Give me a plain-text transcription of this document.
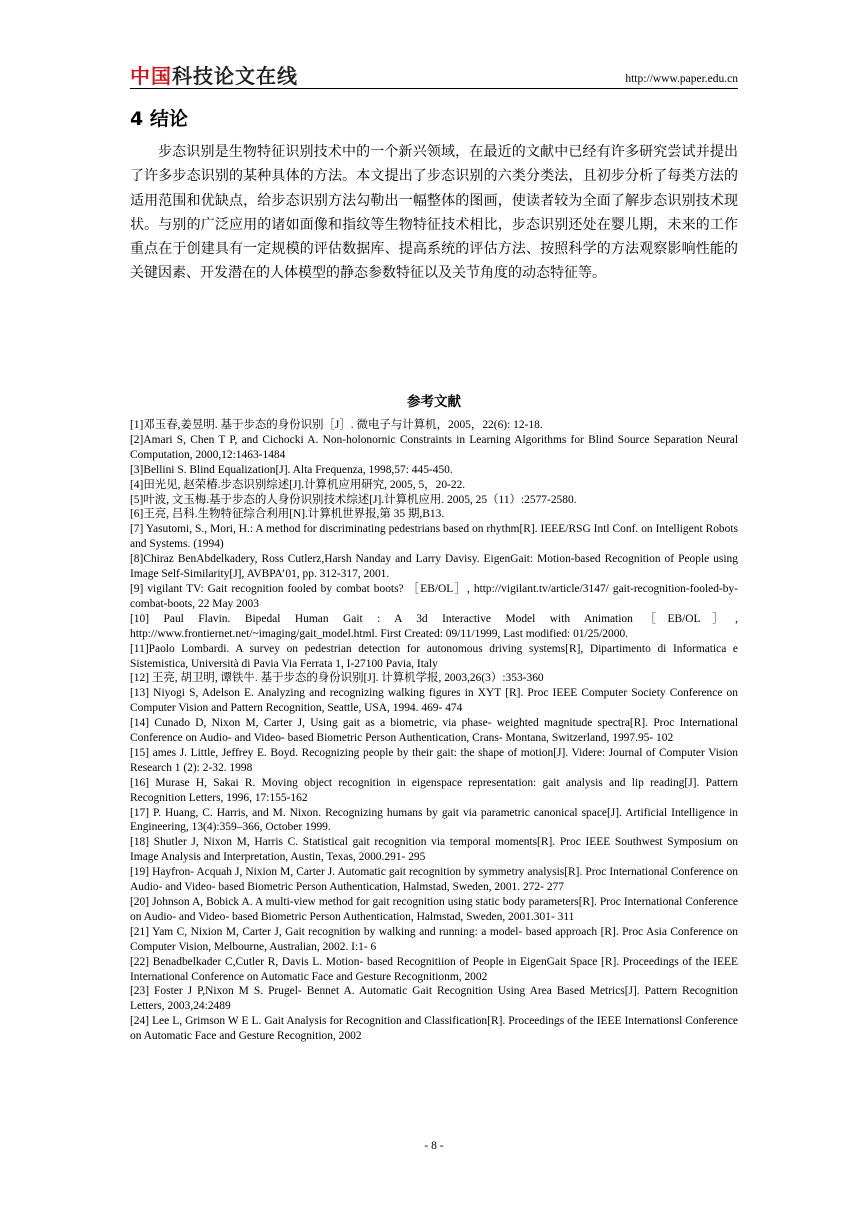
中国科技论文在线	http://www.paper.edu.cn
4 结论

步态识别是生物特征识别技术中的一个新兴领域，在最近的文献中已经有许多研究尝试并提出了许多步态识别的某种具体的方法。本文提出了步态识别的六类分类法，且初步分析了每类方法的适用范围和优缺点，给步态识别方法勾勒出一幅整体的图画，使读者较为全面了解步态识别技术现状。与别的广泛应用的诸如面像和指纹等生物特征技术相比，步态识别还处在婴儿期，未来的工作重点在于创建具有一定规模的评估数据库、提高系统的评估方法、按照科学的方法观察影响性能的关键因素、开发潜在的人体模型的静态参数特征以及关节角度的动态特征等。

参考文献
[1]邓玉春,姜昱明. 基于步态的身份识别［J］. 微电子与计算机，2005，22(6): 12-18.
[2]Amari S, Chen T P, and Cichocki A. Non-holonornic Constraints in Learning Algorithms for Blind Source Separation Neural Computation, 2000,12:1463-1484
[3]Bellini S. Blind Equalization[J]. Alta Frequenza, 1998,57: 445-450.
[4]田光见, 赵荣椿.步态识别综述[J].计算机应用研究, 2005, 5，20-22.
[5]叶波, 文玉梅.基于步态的人身份识别技术综述[J].计算机应用. 2005, 25（11）:2577-2580.
[6]王亮, 吕科.生物特征综合利用[N].计算机世界报,第 35 期,B13.
[7] Yasutomi, S., Mori, H.: A method for discriminating pedestrians based on rhythm[R]. IEEE/RSG Intl Conf. on Intelligent Robots and Systems. (1994)
[8]Chiraz BenAbdelkadery, Ross Cutlerz,Harsh Nanday and Larry Davisy. EigenGait: Motion-based Recognition of People using Image Self-Similarity[J], AVBPA’01, pp. 312-317, 2001.
[9] vigilant TV: Gait recognition fooled by combat boots? ［EB/OL］, http://vigilant.tv/article/3147/ gait-recognition-fooled-by-combat-boots, 22 May 2003
[10] Paul Flavin. Bipedal Human Gait : A 3d Interactive Model with Animation［EB/OL］, http://www.frontiernet.net/~imaging/gait_model.html. First Created: 09/11/1999, Last modified: 01/25/2000.
[11]Paolo Lombardi. A survey on pedestrian detection for autonomous driving systems[R], Dipartimento di Informatica e Sistemistica, Università di Pavia Via Ferrata 1, I-27100 Pavia, Italy
[12] 王亮, 胡卫明, 谭铁牛. 基于步态的身份识别[J]. 计算机学报, 2003,26(3）:353-360
[13] Niyogi S, Adelson E. Analyzing and recognizing walking figures in XYT [R]. Proc IEEE Computer Society Conference on Computer Vision and Pattern Recognition, Seattle, USA, 1994. 469- 474
[14] Cunado D, Nixon M, Carter J, Using gait as a biometric, via phase- weighted magnitude spectra[R]. Proc International Conference on Audio- and Video- based Biometric Person Authentication, Crans- Montana, Switzerland, 1997.95- 102
[15] ames J. Little, Jeffrey E. Boyd. Recognizing people by their gait: the shape of motion[J]. Videre: Journal of Computer Vision Research 1 (2): 2-32. 1998
[16] Murase H, Sakai R. Moving object recognition in eigenspace representation: gait analysis and lip reading[J]. Pattern Recognition Letters, 1996, 17:155-162
[17] P. Huang, C. Harris, and M. Nixon. Recognizing humans by gait via parametric canonical space[J]. Artificial Intelligence in Engineering, 13(4):359–366, October 1999.
[18] Shutler J, Nixon M, Harris C. Statistical gait recognition via temporal moments[R]. Proc IEEE Southwest Symposium on Image Analysis and Interpretation, Austin, Texas, 2000.291- 295
[19] Hayfron- Acquah J, Nixion M, Carter J. Automatic gait recognition by symmetry analysis[R]. Proc International Conference on Audio- and Video- based Biometric Person Authentication, Halmstad, Sweden, 2001. 272- 277
[20] Johnson A, Bobick A. A multi-view method for gait recognition using static body parameters[R]. Proc International Conference on Audio- and Video- based Biometric Person Authentication, Halmstad, Sweden, 2001.301- 311
[21] Yam C, Nixion M, Carter J, Gait recognition by walking and running: a model- based approach [R]. Proc Asia Conference on Computer Vision, Melbourne, Australian, 2002. I:1- 6
[22] Benadbelkader C,Cutler R, Davis L. Motion- based Recognitiion of People in EigenGait Space [R]. Proceedings of the IEEE International Conference on Automatic Face and Gesture Recognitionm, 2002
[23] Foster J P,Nixon M S. Prugel- Bennet A. Automatic Gait Recognition Using Area Based Metrics[J]. Pattern Recognition Letters, 2003,24:2489
[24] Lee L, Grimson W E L. Gait Analysis for Recognition and Classification[R]. Proceedings of the IEEE Internationsl Conference on Automatic Face and Gesture Recognition, 2002
- 8 -
